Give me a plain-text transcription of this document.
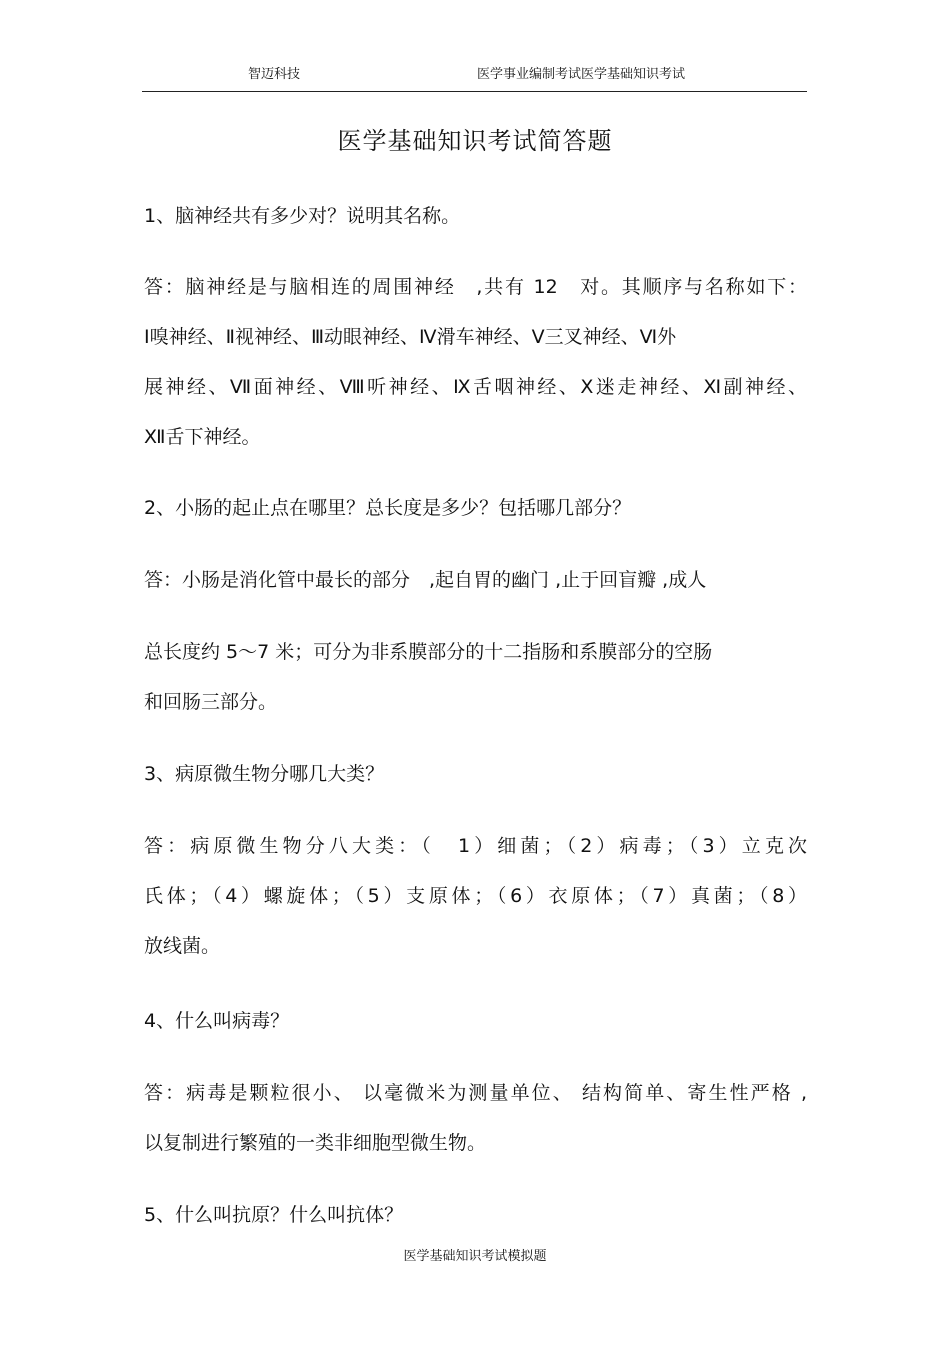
智迈科技	医学事业编制考试医学基础知识考试
医学基础知识考试简答题
1、脑神经共有多少对？说明其名称。
答：脑神经是与脑相连的周围神经　,共有 12　对。其顺序与名称如下：
Ⅰ嗅神经、Ⅱ视神经、Ⅲ动眼神经、Ⅳ滑车神经、Ⅴ三叉神经、Ⅵ外
展神经、Ⅶ面神经、Ⅷ听神经、Ⅸ舌咽神经、Ⅹ迷走神经、Ⅺ副神经、
Ⅻ舌下神经。
2、小肠的起止点在哪里？总长度是多少？包括哪几部分？
答：小肠是消化管中最长的部分　,起自胃的幽门 ,止于回盲瓣 ,成人
总长度约 5～7 米；可分为非系膜部分的十二指肠和系膜部分的空肠
和回肠三部分。
3、病原微生物分哪几大类？
答：病原微生物分八大类：（　1）细菌；（2）病毒；（3）立克次
氏体；（4）螺旋体；（5）支原体；（6）衣原体；（7）真菌；（8）
放线菌。
4、什么叫病毒？
答：病毒是颗粒很小、 以毫微米为测量单位、 结构简单、寄生性严格 ,
以复制进行繁殖的一类非细胞型微生物。
5、什么叫抗原？什么叫抗体？
医学基础知识考试模拟题
